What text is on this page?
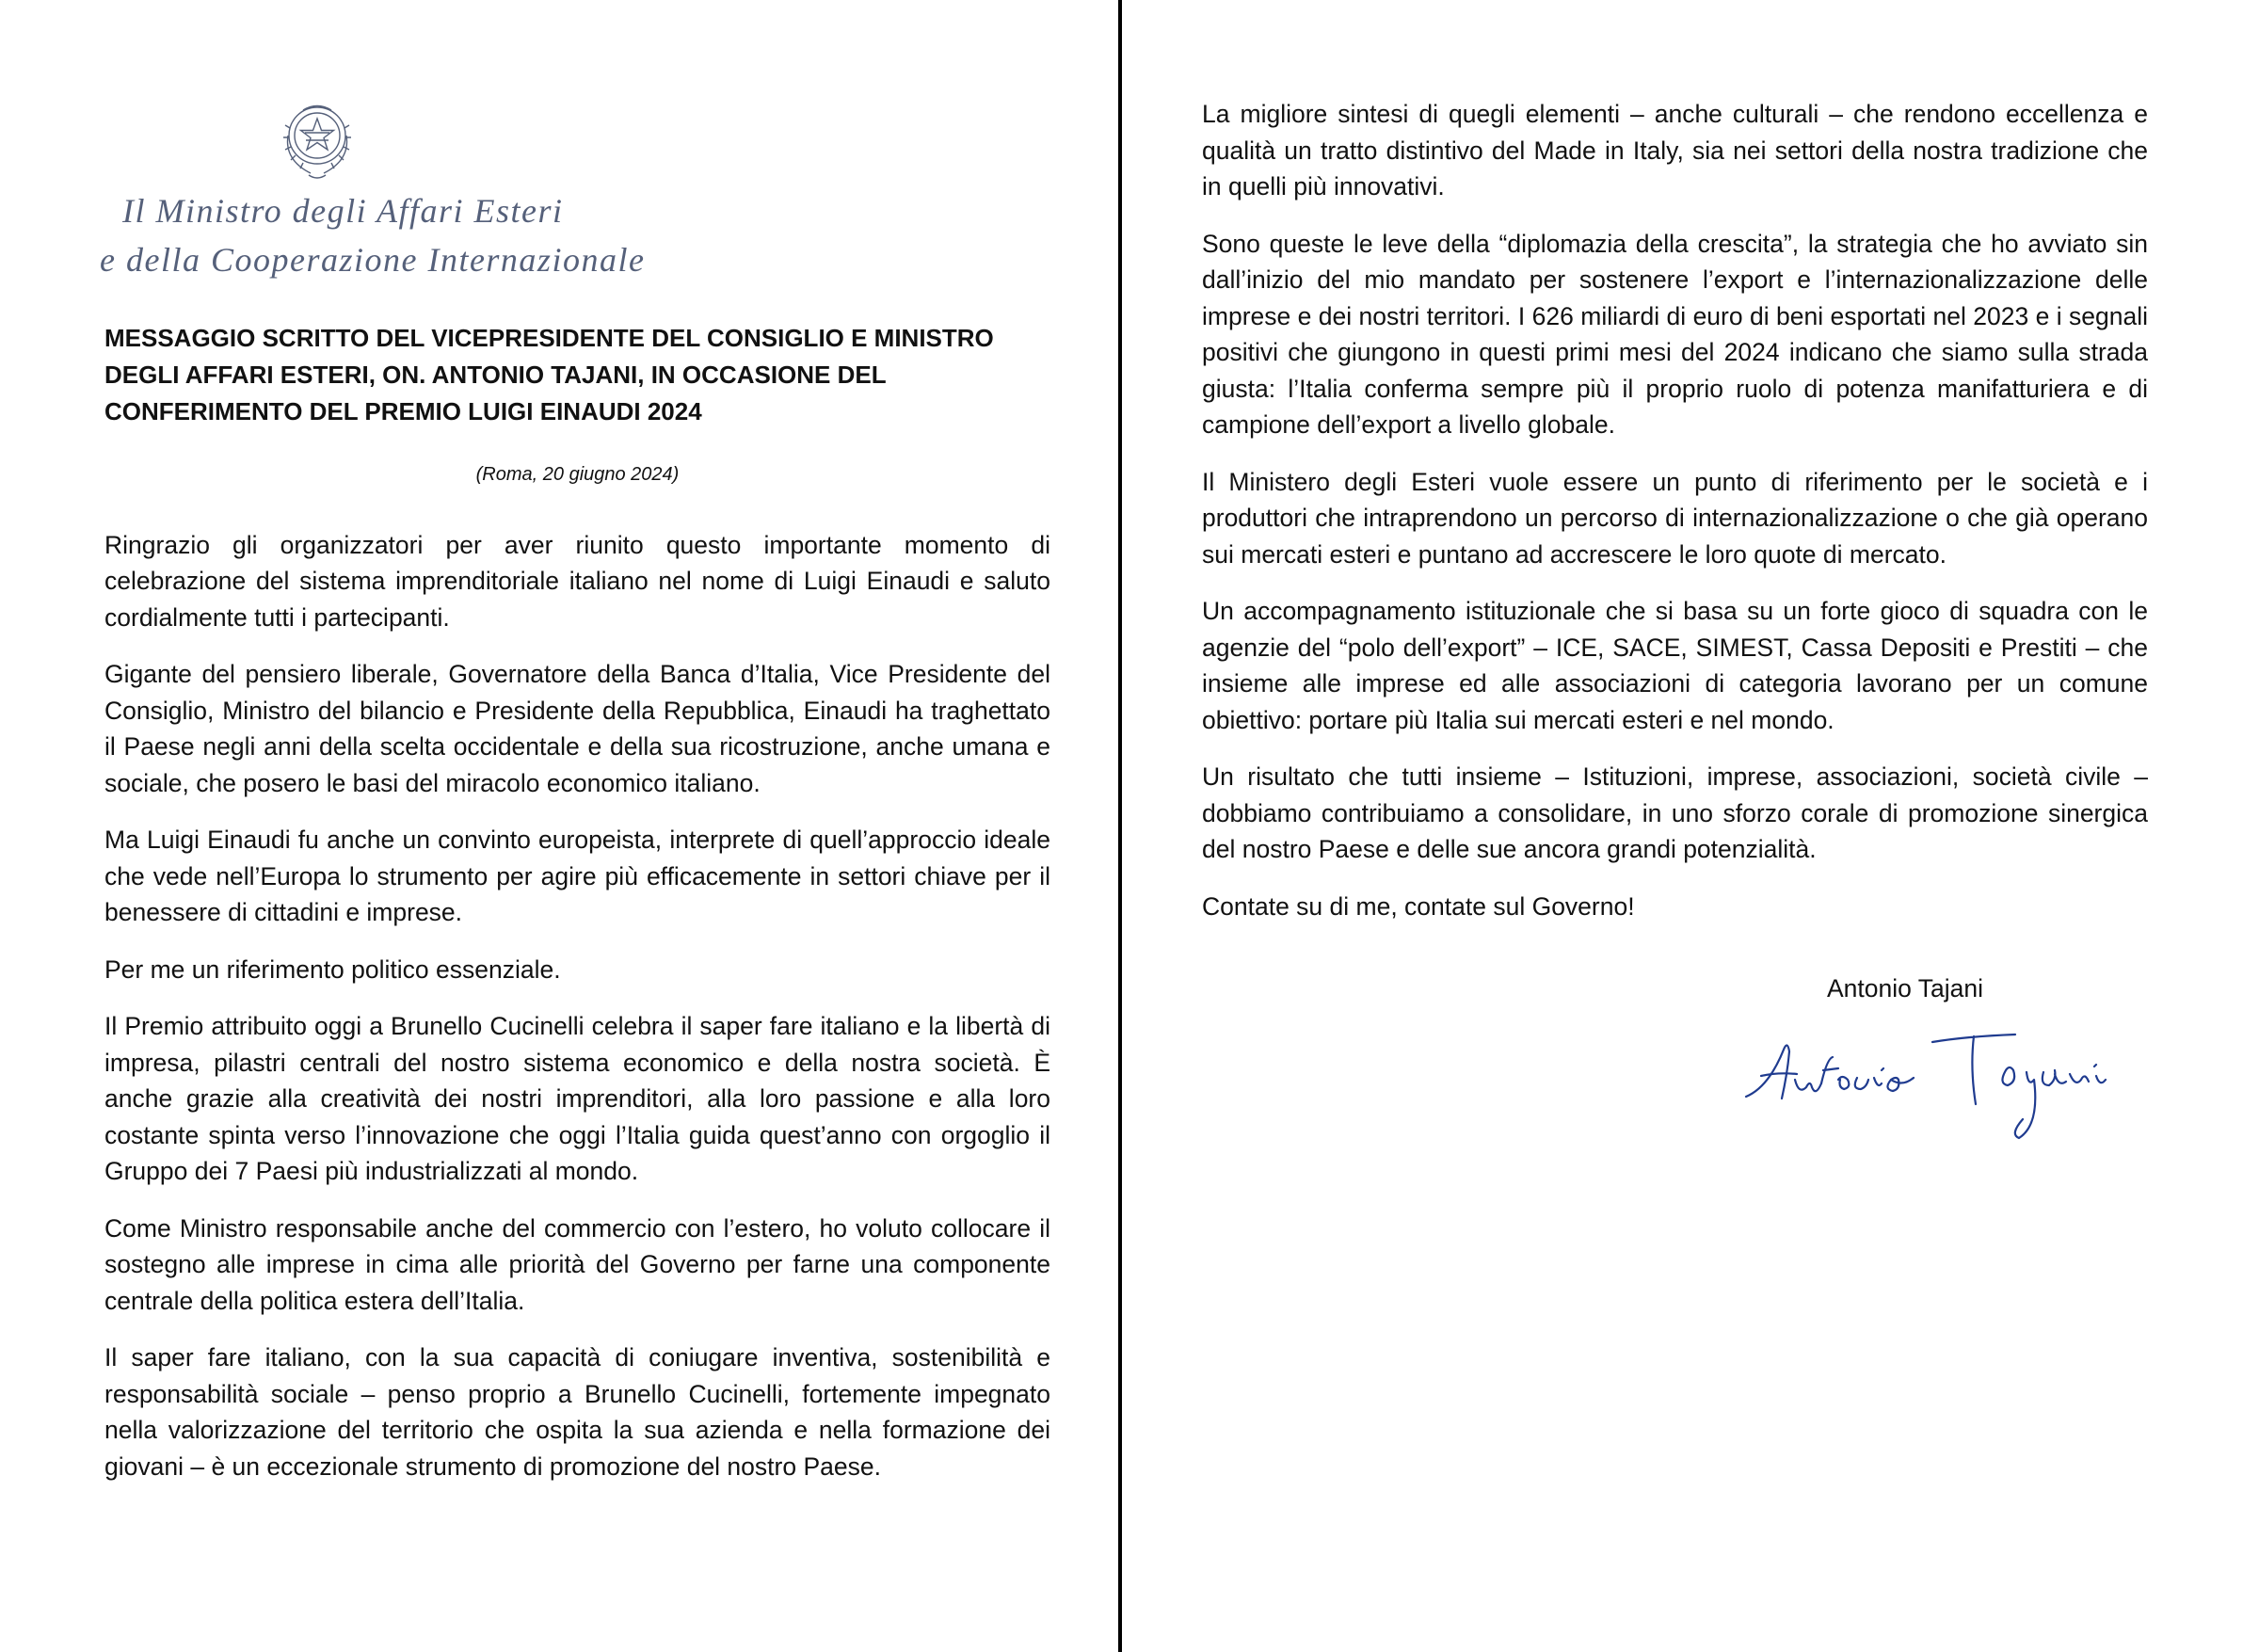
Il Ministro degli Affari Esteri
e della Cooperazione Internazionale

MESSAGGIO SCRITTO DEL VICEPRESIDENTE DEL CONSIGLIO E MINISTRO DEGLI AFFARI ESTERI, ON. ANTONIO TAJANI, IN OCCASIONE DEL CONFERIMENTO DEL PREMIO LUIGI EINAUDI 2024

(Roma, 20 giugno 2024)

Ringrazio gli organizzatori per aver riunito questo importante momento di celebrazione del sistema imprenditoriale italiano nel nome di Luigi Einaudi e saluto cordialmente tutti i partecipanti.

Gigante del pensiero liberale, Governatore della Banca d’Italia, Vice Presidente del Consiglio, Ministro del bilancio e Presidente della Repubblica, Einaudi ha traghettato il Paese negli anni della scelta occidentale e della sua ricostruzione, anche umana e sociale, che posero le basi del miracolo economico italiano.

Ma Luigi Einaudi fu anche un convinto europeista, interprete di quell’approccio ideale che vede nell’Europa lo strumento per agire più efficacemente in settori chiave per il benessere di cittadini e imprese.

Per me un riferimento politico essenziale.

Il Premio attribuito oggi a Brunello Cucinelli celebra il saper fare italiano e la libertà di impresa, pilastri centrali del nostro sistema economico e della nostra società. È anche grazie alla creatività dei nostri imprenditori, alla loro passione e alla loro costante spinta verso l’innovazione che oggi l’Italia guida quest’anno con orgoglio il Gruppo dei 7 Paesi più industrializzati al mondo.

Come Ministro responsabile anche del commercio con l’estero, ho voluto collocare il sostegno alle imprese in cima alle priorità del Governo per farne una componente centrale della politica estera dell’Italia.

Il saper fare italiano, con la sua capacità di coniugare inventiva, sostenibilità e responsabilità sociale – penso proprio a Brunello Cucinelli, fortemente impegnato nella valorizzazione del territorio che ospita la sua azienda e nella formazione dei giovani – è un eccezionale strumento di promozione del nostro Paese.

La migliore sintesi di quegli elementi – anche culturali – che rendono eccellenza e qualità un tratto distintivo del Made in Italy, sia nei settori della nostra tradizione che in quelli più innovativi.

Sono queste le leve della “diplomazia della crescita”, la strategia che ho avviato sin dall’inizio del mio mandato per sostenere l’export e l’internazionalizzazione delle imprese e dei nostri territori. I 626 miliardi di euro di beni esportati nel 2023 e i segnali positivi che giungono in questi primi mesi del 2024 indicano che siamo sulla strada giusta: l’Italia conferma sempre più il proprio ruolo di potenza manifatturiera e di campione dell’export a livello globale.

Il Ministero degli Esteri vuole essere un punto di riferimento per le società e i produttori che intraprendono un percorso di internazionalizzazione o che già operano sui mercati esteri e puntano ad accrescere le loro quote di mercato.

Un accompagnamento istituzionale che si basa su un forte gioco di squadra con le agenzie del “polo dell’export” – ICE, SACE, SIMEST, Cassa Depositi e Prestiti – che insieme alle imprese ed alle associazioni di categoria lavorano per un comune obiettivo: portare più Italia sui mercati esteri e nel mondo.

Un risultato che tutti insieme – Istituzioni, imprese, associazioni, società civile – dobbiamo contribuiamo a consolidare, in uno sforzo corale di promozione sinergica del nostro Paese e delle sue ancora grandi potenzialità.

Contate su di me, contate sul Governo!

Antonio Tajani
